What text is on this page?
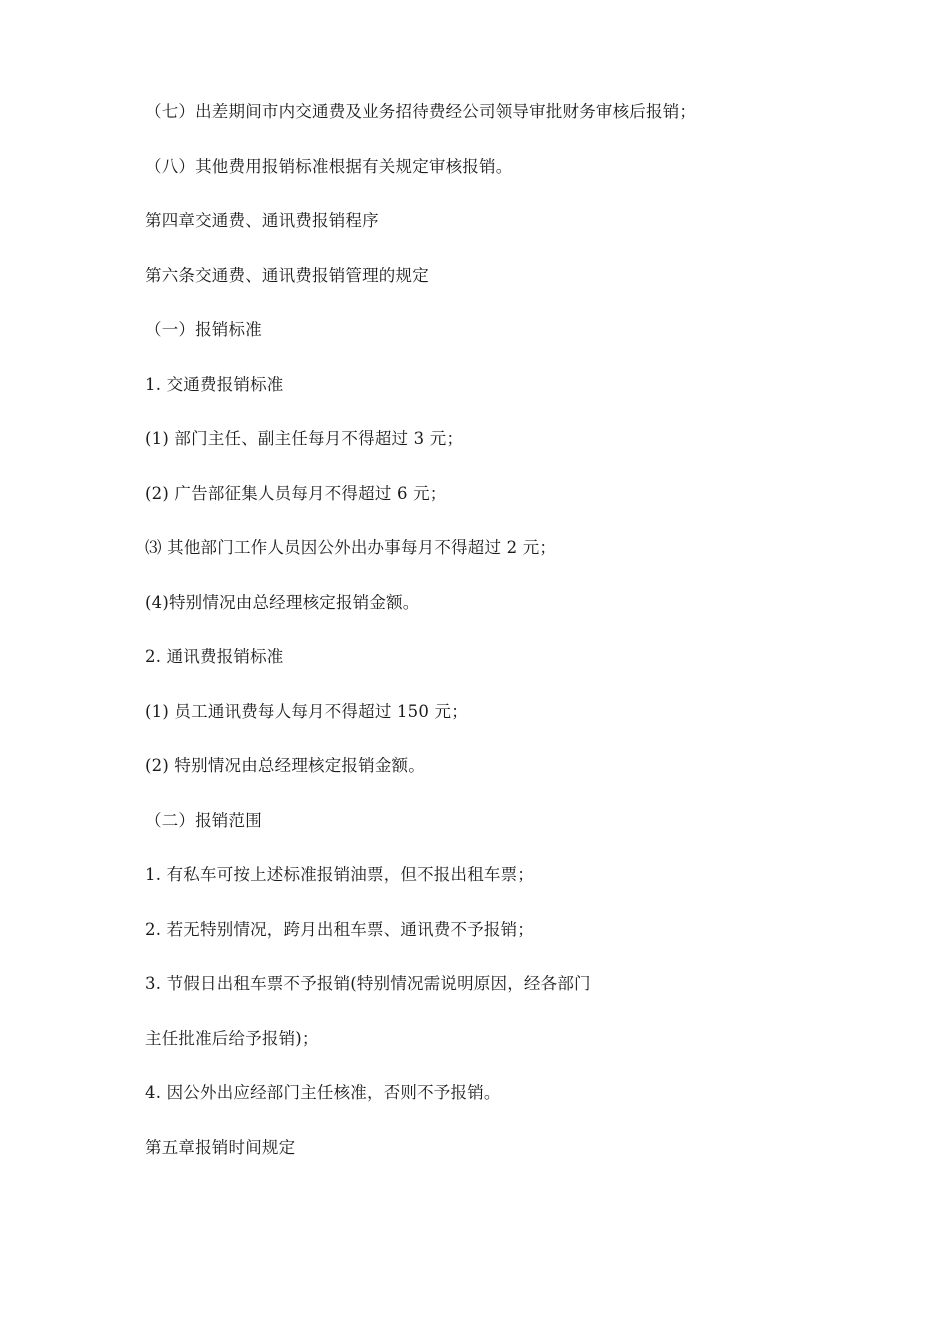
（七）出差期间市内交通费及业务招待费经公司领导审批财务审核后报销；
（八）其他费用报销标准根据有关规定审核报销。
第四章交通费、通讯费报销程序
第六条交通费、通讯费报销管理的规定
（一）报销标准
1. 交通费报销标准
(1) 部门主任、副主任每月不得超过 3 元；
(2) 广告部征集人员每月不得超过 6 元；
⑶ 其他部门工作人员因公外出办事每月不得超过 2 元；
(4)特别情况由总经理核定报销金额。
2. 通讯费报销标准
(1) 员工通讯费每人每月不得超过 150 元；
(2) 特别情况由总经理核定报销金额。
（二）报销范围
1. 有私车可按上述标准报销油票，但不报出租车票；
2. 若无特别情况，跨月出租车票、通讯费不予报销；
3. 节假日出租车票不予报销(特别情况需说明原因，经各部门
主任批准后给予报销)；
4. 因公外出应经部门主任核准，否则不予报销。
第五章报销时间规定
